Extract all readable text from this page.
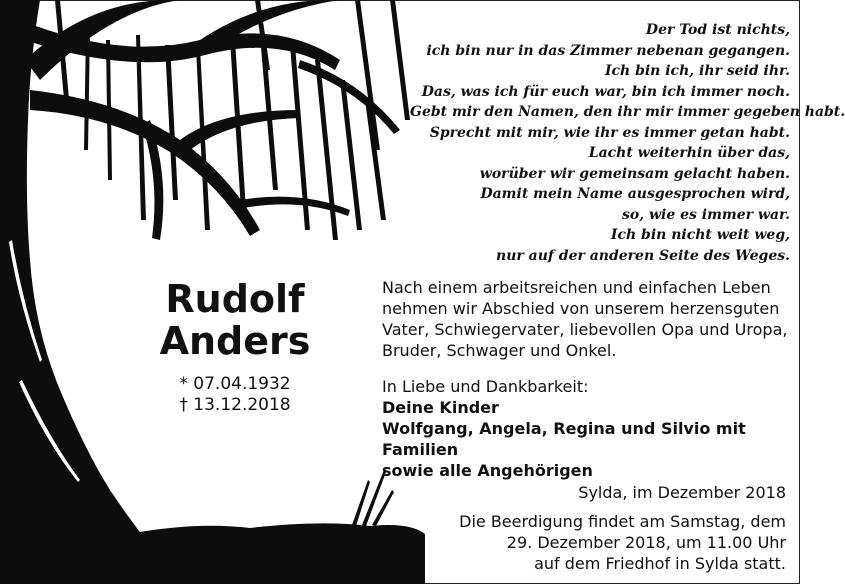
Der Tod ist nichts,
ich bin nur in das Zimmer nebenan gegangen.
Ich bin ich, ihr seid ihr.
Das, was ich für euch war, bin ich immer noch.
Gebt mir den Namen, den ihr mir immer gegeben habt.
Sprecht mit mir, wie ihr es immer getan habt.
Lacht weiterhin über das,
worüber wir gemeinsam gelacht haben.
Damit mein Name ausgesprochen wird,
so, wie es immer war.
Ich bin nicht weit weg,
nur auf der anderen Seite des Weges.
Rudolf
Anders
* 07.04.1932
† 13.12.2018
Nach einem arbeitsreichen und einfachen Leben
nehmen wir Abschied von unserem herzensguten
Vater, Schwiegervater, liebevollen Opa und Uropa,
Bruder, Schwager und Onkel.
In Liebe und Dankbarkeit:
Deine Kinder
Wolfgang, Angela, Regina und Silvio mit Familien
sowie alle Angehörigen
Sylda, im Dezember 2018
Die Beerdigung findet am Samstag, dem
29. Dezember 2018, um 11.00 Uhr
auf dem Friedhof in Sylda statt.
